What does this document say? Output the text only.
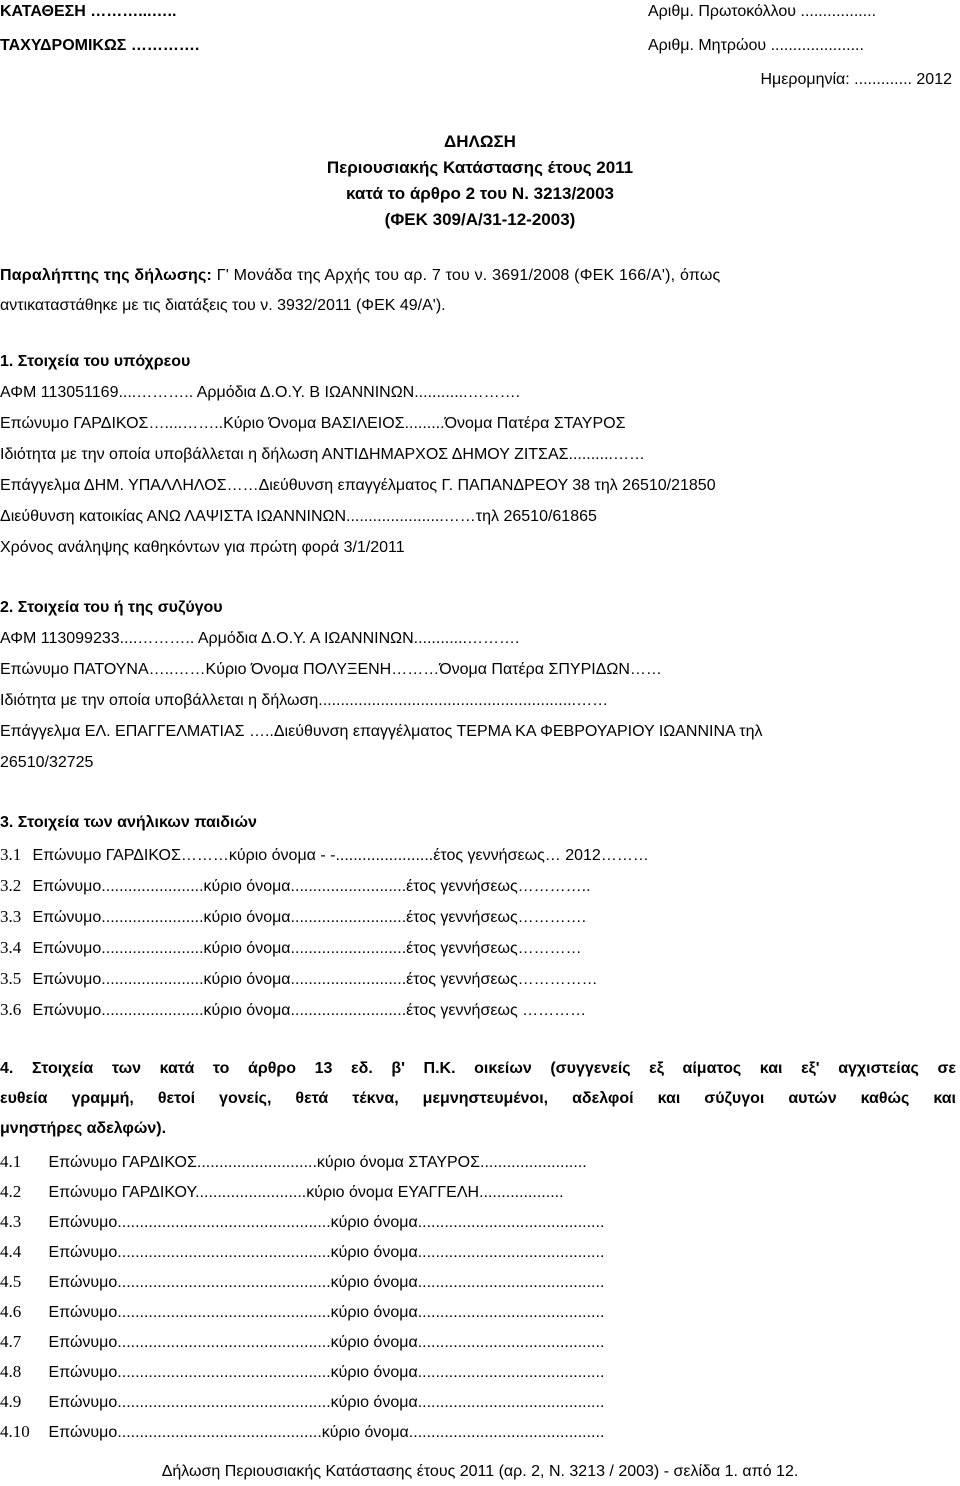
ΚΑΤΑΘΕΣΗ ………...…..	Αριθμ. Πρωτοκόλλου .................
ΤΑΧΥΔΡΟΜΙΚΩΣ ………….	Αριθμ. Μητρώου .....................
Ημερομηνία: ............. 2012
ΔΗΛΩΣΗ
Περιουσιακής Κατάστασης έτους 2011
κατά το άρθρο 2 του Ν. 3213/2003
(ΦΕΚ 309/Α/31-12-2003)
Παραλήπτης της δήλωσης: Γ' Μονάδα της Αρχής του αρ. 7 του ν. 3691/2008 (ΦΕΚ 166/Α'), όπως
αντικαταστάθηκε με τις διατάξεις του ν. 3932/2011 (ΦΕΚ 49/Α').
1. Στοιχεία του υπόχρεου
ΑΦΜ 113051169....……….. Αρμόδια Δ.Ο.Υ. Β ΙΩΑΝΝΙΝΩΝ............……….
Επώνυμο ΓΑΡΔΙΚΟΣ…....……..Κύριο Όνομα ΒΑΣΙΛΕΙΟΣ.........Όνομα Πατέρα ΣΤΑΥΡΟΣ
Ιδιότητα με την οποία υποβάλλεται η δήλωση ΑΝΤΙΔΗΜΑΡΧΟΣ ΔΗΜΟΥ ΖΙΤΣΑΣ..........……
Επάγγελμα ΔΗΜ. ΥΠΑΛΛΗΛΟΣ……Διεύθυνση επαγγέλματος Γ. ΠΑΠΑΝΔΡΕΟΥ 38 τηλ 26510/21850
Διεύθυνση κατοικίας ΑΝΩ ΛΑΨΙΣΤΑ ΙΩΑΝΝΙΝΩΝ......................……τηλ 26510/61865
Χρόνος ανάληψης καθηκόντων για πρώτη φορά 3/1/2011
2. Στοιχεία του ή της συζύγου
ΑΦΜ 113099233....……….. Αρμόδια Δ.Ο.Υ. Α ΙΩΑΝΝΙΝΩΝ............……….
Επώνυμο ΠΑΤΟΥΝΑ…..……Κύριο Όνομα ΠΟΛΥΞΕΝΗ………Όνομα Πατέρα ΣΠΥΡΙΔΩΝ……
Ιδιότητα με την οποία υποβάλλεται η δήλωση..........................................................……
Επάγγελμα ΕΛ. ΕΠΑΓΓΕΛΜΑΤΙΑΣ …..Διεύθυνση επαγγέλματος ΤΕΡΜΑ ΚΑ ΦΕΒΡΟΥΑΡΙΟΥ ΙΩΑΝΝΙΝΑ τηλ
26510/32725
3. Στοιχεία των ανήλικων παιδιών
3.1 Επώνυμο ΓΑΡΔΙΚΟΣ………κύριο όνομα - -......................έτος γεννήσεως… 2012………
3.2 Επώνυμο.......................κύριο όνομα..........................έτος γεννήσεως…………..
3.3 Επώνυμο.......................κύριο όνομα..........................έτος γεννήσεως………….
3.4 Επώνυμο.......................κύριο όνομα..........................έτος γεννήσεως…………
3.5 Επώνυμο.......................κύριο όνομα..........................έτος γεννήσεως……………
3.6 Επώνυμο.......................κύριο όνομα..........................έτος γεννήσεως …………
4. Στοιχεία των κατά το άρθρο 13 εδ. β' Π.Κ. οικείων (συγγενείς εξ αίματος και εξ' αγχιστείας σε
ευθεία γραμμή, θετοί γονείς, θετά τέκνα, μεμνηστευμένοι, αδελφοί και σύζυγοι αυτών καθώς και
μνηστήρες αδελφών).
4.1 Επώνυμο ΓΑΡΔΙΚΟΣ...........................κύριο όνομα ΣΤΑΥΡΟΣ........................
4.2 Επώνυμο ΓΑΡΔΙΚΟΥ.........................κύριο όνομα ΕΥΑΓΓΕΛΗ...................
4.3 Επώνυμο................................................κύριο όνομα..........................................
4.4 Επώνυμο................................................κύριο όνομα..........................................
4.5 Επώνυμο................................................κύριο όνομα..........................................
4.6 Επώνυμο................................................κύριο όνομα..........................................
4.7 Επώνυμο................................................κύριο όνομα..........................................
4.8 Επώνυμο................................................κύριο όνομα..........................................
4.9 Επώνυμο................................................κύριο όνομα..........................................
4.10 Επώνυμο..............................................κύριο όνομα............................................
Δήλωση Περιουσιακής Κατάστασης έτους 2011 (αρ. 2, Ν. 3213 / 2003) - σελίδα 1. από 12.
